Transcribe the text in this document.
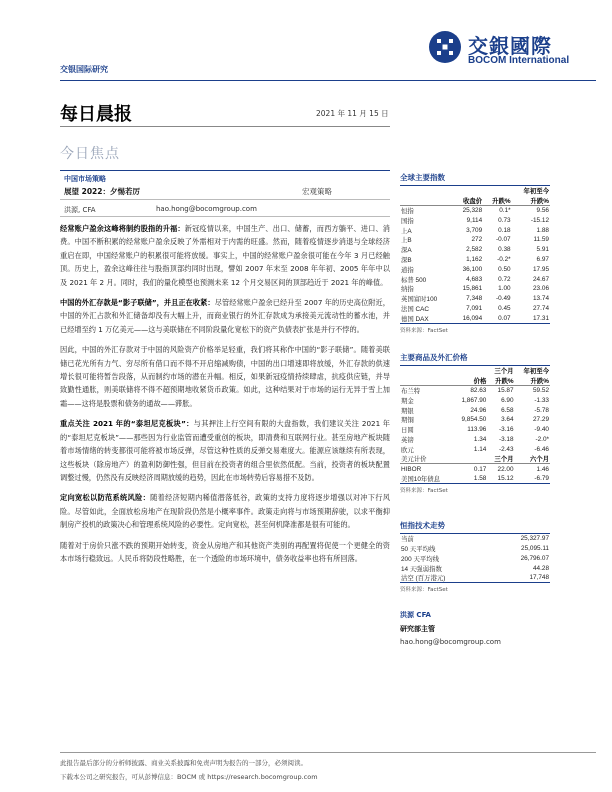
交銀國際
BOCOM International
交银国际研究
每日晨报	2021 年 11 月 15 日
今日焦点
中国市场策略
展望 2022：夕惕若厉	宏观策略
洪源, CFA	hao.hong@bocomgroup.com

经常账户盈余这峰将制约股指的升福：新冠疫情以来，中国生产、出口、储蓄，而西方躺平、进口、消费。中国不断积累的经常账户盈余反映了外需相对于内需的旺盛。然而，随着疫情逐步消退与全球经济重启在即，中国经常账户的积累很可能将放缓。事实上，中国的经常账户盈余很可能在今年 3 月已经触顶。历史上，盈余这峰往往与股指顶部约同时出现，譬如 2007 年末至 2008 年年初、2005 年年中以及 2021 年 2 月。同时，我们的量化模型也预测未来 12 个月交易区间的顶部趋近于 2021 年的峰值。

中国的外汇存款是“影子联储”，并且正在收紧：尽管经常账户盈余已经升至 2007 年的历史高位附近，中国的外汇占款和外汇储备却没有大幅上升，而商业银行的外汇存款成为承接美元流动性的蓄水池，并已经增至约 1 万亿美元——这与美联储在不同阶段量化宽松下的资产负债表扩张是并行不悖的。

因此，中国的外汇存款对于中国的风险资产价格举足轻重，我们将其称作中国的“影子联储”。随着美联储已花光所有力气、穷尽所有借口而不得不开启缩减购债，中国的出口增速即将放缓，外汇存款的供速增长很可能将暂告段落，从而制约市场的潜在升幅。相反，如果新冠疫情持续肆虐，抗疫供应链，并导致勤性通胀，则美联储将不得不超预期地收紧货币政策。如此，这种结果对于市场的运行无异于雪上加霜——这将是股票和债务的通故——滞胀。

重点关注 2021 年的“泰坦尼克板块”：与其押注上行空间有限的大盘指数，我们建议关注 2021 年的“泰坦尼克板块”——那些因为行业监管而遭受重创的板块，即清费和互联网行业。甚至房地产板块随着市场情绪的转变都很可能将被市场反弹，尽管这种性质的反弹交易难度大。能源应该继续有所表现，这些板块（除房地产）的盈利防御性强，但目前在投资者的组合里依然低配。当前，投资者的板块配置调整过慢，仍然没有反映经济周期放缓的趋势，因此在市场转势后容易措不及防。

定向宽松以防范系统风险：随着经济短期内稀值潜落低谷，政策的支持力度将逐步增强以对冲下行风险。尽管如此，全面放松房地产在现阶段仍然是小概率事件。政策走向将与市场预期辞驶，以求平衡抑制房产投机的政策决心和管理系统风险的必要性。定向宽松，甚至何机降准都是很有可能的。

随着对于房价只涨不跌的预期开始转变，资金从房地产和其他资产类别的再配置将促使一个更健全的资本市场行稳致远。人民币将防段性略胜，在一个透险的市场环境中，债务收益率也将有所回落。

全球主要指数
			年初至今
	收盘价	升跌%	升跌%
恒指	25,328	0.1*	9.56
国指	9,114	0.73	-15.12
上A	3,709	0.18	1.88
上B	272	-0.07	11.59
深A	2,582	0.38	5.91
深B	1,162	-0.2*	6.97
道指	36,100	0.50	17.95
标普 500	4,683	0.72	24.67
纳指	15,861	1.00	23.06
英国富时100	7,348	-0.49	13.74
法国 CAC	7,091	0.45	27.74
德国 DAX	16,094	0.07	17.31
资料来源：FactSet
主要商品及外汇价格
		三个月	年初至今
	价格	升跌%	升跌%
布兰特	82.63	15.87	59.52
期金	1,867.90	6.90	-1.33
期银	24.96	6.58	-5.78
期铜	9,854.50	3.64	27.29
日圆	113.96	-3.16	-9.40
英镑	1.34	-3.18	-2.0*
欧元	1.14	-2.43	-6.46
美元计价		三个月	六个月
HIBOR	0.17	22.00	1.46
美国10年债息	1.58	15.12	-6.79
资料来源：FactSet
恒指技术走势
当前	25,327.97
50 天平均线	25,095.11
200 天平均线	26,796.07
14 天强弱指数	44.28
沽空 (百万港元)	17,748
资料来源：FactSet
洪源 CFA
研究部主管
hao.hong@bocomgroup.com
此报告最后部分的分析师披露、商业关系披露和免责声明为报告的一部分，必须阅读。
下载本公司之研究报告，可从彭博信息：BOCM 或 https://research.bocomgroup.com
